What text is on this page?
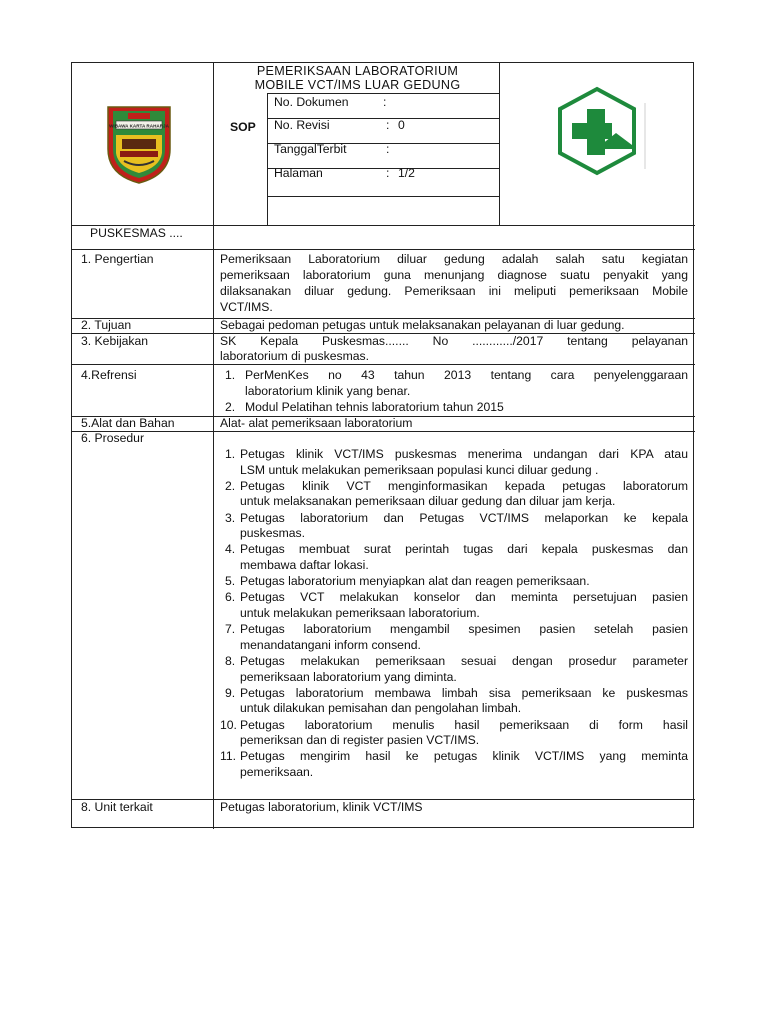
PEMERIKSAAN LABORATORIUM
MOBILE VCT/IMS LUAR GEDUNG
SOP
No. Dokumen	:
No. Revisi	: 0
TanggalTerbit	:
Halaman	: 1/2
WIBAWA KARTA RAHARJA
PUSKESMAS ....
1. Pengertian	Pemeriksaan Laboratorium diluar gedung adalah salah satu kegiatan
pemeriksaan laboratorium guna menunjang diagnose suatu penyakit yang
dilaksanakan diluar gedung. Pemeriksaan ini meliputi pemeriksaan Mobile
VCT/IMS.
2. Tujuan	Sebagai pedoman petugas untuk melaksanakan pelayanan di luar gedung.
3. Kebijakan	SK Kepala Puskesmas....... No ............/2017 tentang pelayanan
laboratorium di puskesmas.
4.Refrensi	1. PerMenKes no 43 tahun 2013 tentang cara penyelenggaraan
laboratorium klinik yang benar.
2. Modul Pelatihan tehnis laboratorium tahun 2015
5.Alat dan Bahan	Alat- alat pemeriksaan laboratorium
6. Prosedur
1. Petugas klinik VCT/IMS puskesmas menerima undangan dari KPA atau
LSM untuk melakukan pemeriksaan populasi kunci diluar gedung .
2. Petugas klinik VCT menginformasikan kepada petugas laboratorum
untuk melaksanakan pemeriksaan diluar gedung dan diluar jam kerja.
3. Petugas laboratorium dan Petugas VCT/IMS melaporkan ke kepala
puskesmas.
4. Petugas membuat surat perintah tugas dari kepala puskesmas dan
membawa daftar lokasi.
5. Petugas laboratorium menyiapkan alat dan reagen pemeriksaan.
6. Petugas VCT melakukan konselor dan meminta persetujuan pasien
untuk melakukan pemeriksaan laboratorium.
7. Petugas laboratorium mengambil spesimen pasien setelah pasien
menandatangani inform consend.
8. Petugas melakukan pemeriksaan sesuai dengan prosedur parameter
pemeriksaan laboratorium yang diminta.
9. Petugas laboratorium membawa limbah sisa pemeriksaan ke puskesmas
untuk dilakukan pemisahan dan pengolahan limbah.
10. Petugas laboratorium menulis hasil pemeriksaan di form hasil
pemeriksan dan di register pasien VCT/IMS.
11. Petugas mengirim hasil ke petugas klinik VCT/IMS yang meminta
pemeriksaan.
8. Unit terkait	Petugas laboratorium, klinik VCT/IMS
